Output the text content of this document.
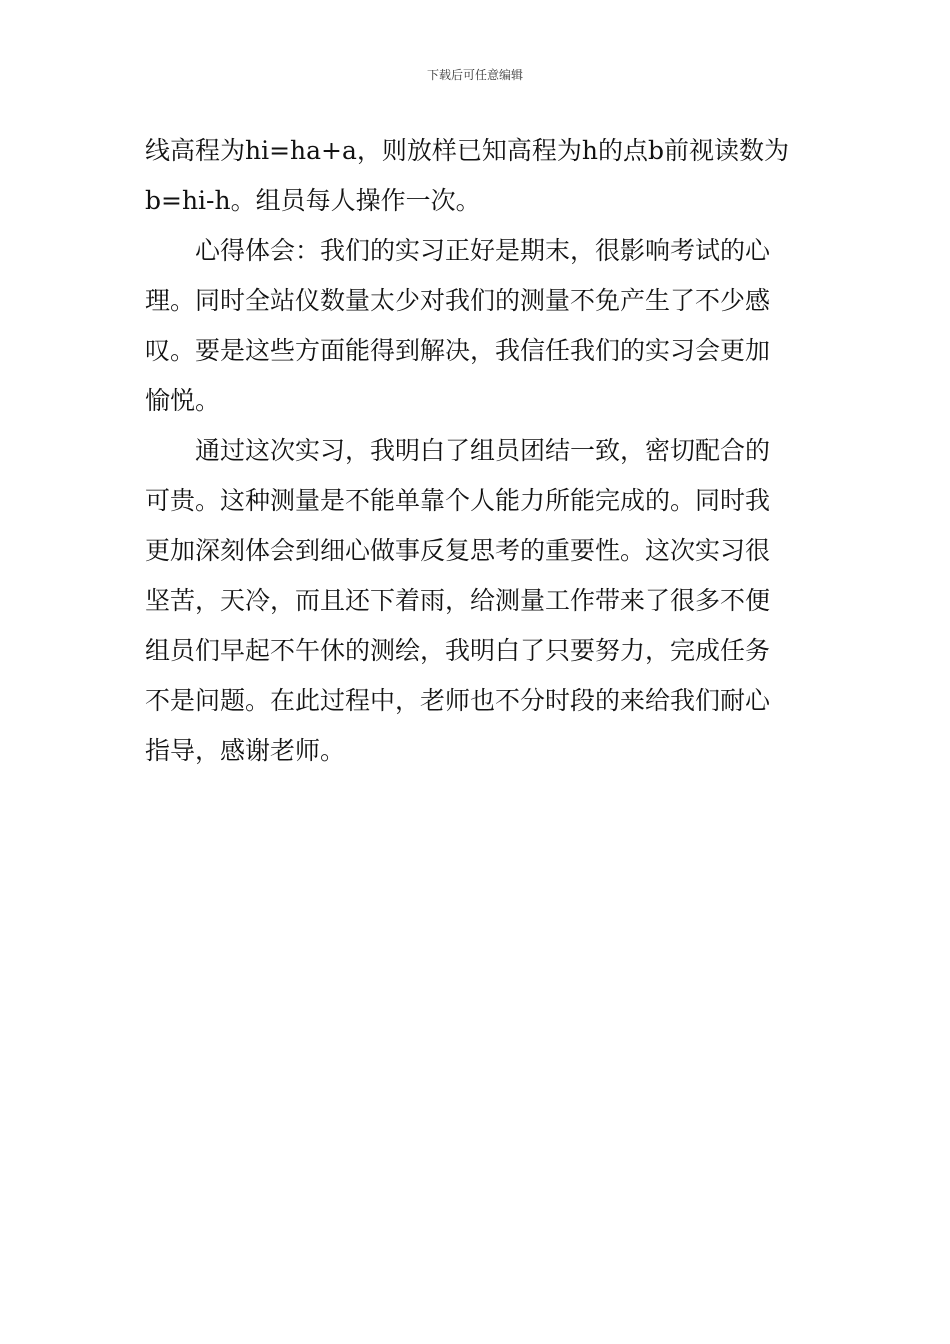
下载后可任意编辑
线高程为hi=ha+a，则放样已知高程为h的点b前视读数为
b=hi-h。组员每人操作一次。
心得体会：我们的实习正好是期末，很影响考试的心
理。同时全站仪数量太少对我们的测量不免产生了不少感
叹。要是这些方面能得到解决，我信任我们的实习会更加
愉悦。
通过这次实习，我明白了组员团结一致，密切配合的
可贵。这种测量是不能单靠个人能力所能完成的。同时我
更加深刻体会到细心做事反复思考的重要性。这次实习很
坚苦，天冷，而且还下着雨，给测量工作带来了很多不便
组员们早起不午休的测绘，我明白了只要努力，完成任务
不是问题。在此过程中，老师也不分时段的来给我们耐心
指导，感谢老师。
